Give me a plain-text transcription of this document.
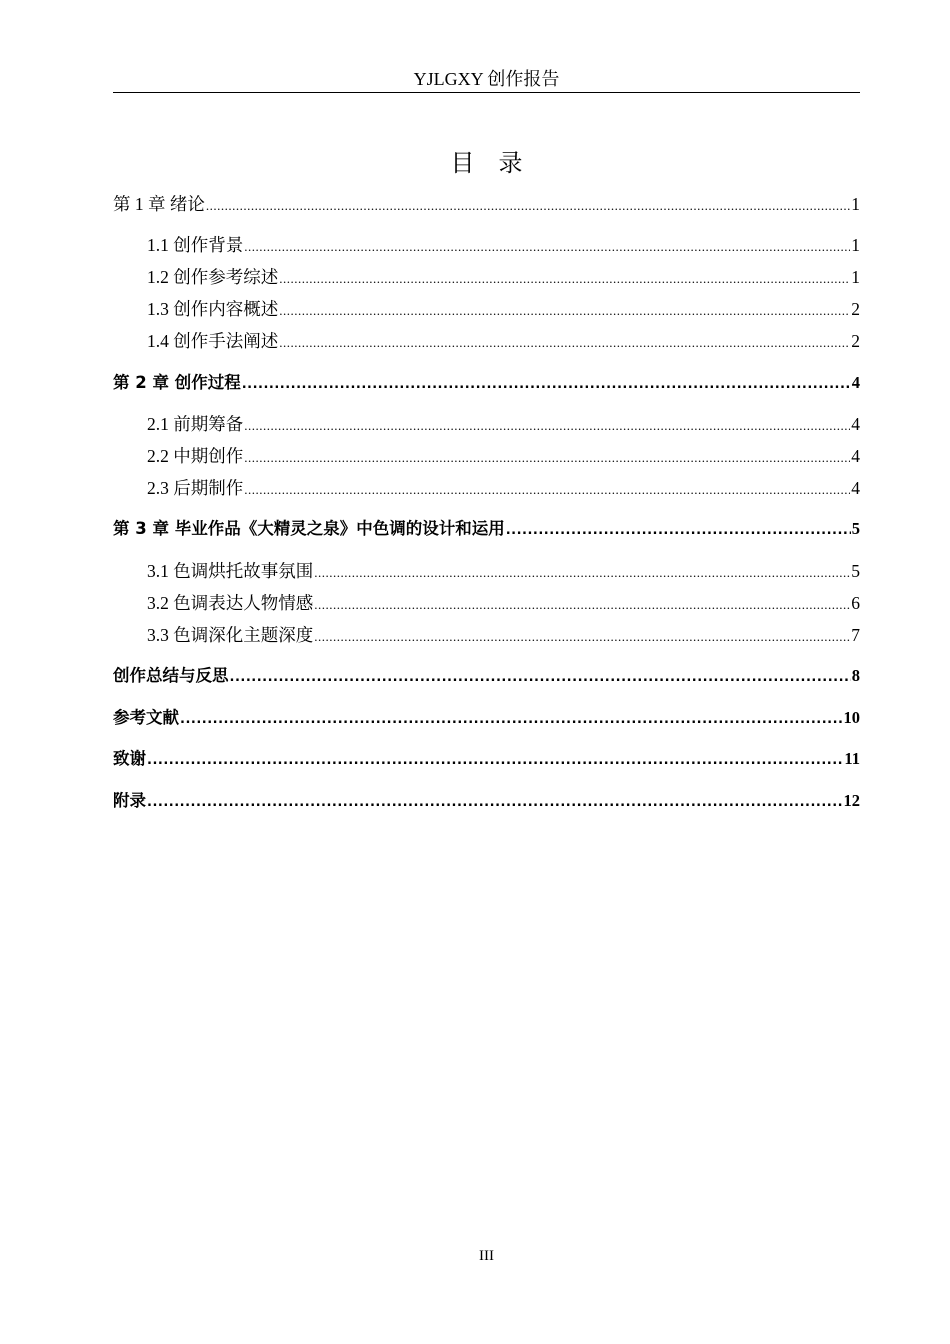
YJLGXY 创作报告
目 录
第 1 章 绪论 .....	1
1.1 创作背景 .....	1
1.2 创作参考综述 .....	1
1.3 创作内容概述 .....	2
1.4 创作手法阐述 .....	2
第 2 章 创作过程 .....	4
2.1 前期筹备 .....	4
2.2 中期创作 .....	4
2.3 后期制作 .....	4
第 3 章 毕业作品《大精灵之泉》中色调的设计和运用 .....	5
3.1 色调烘托故事氛围 .....	5
3.2 色调表达人物情感 .....	6
3.3 色调深化主题深度 .....	7
创作总结与反思 .....	8
参考文献 .....	10
致谢 .....	11
附录 .....	12
III
